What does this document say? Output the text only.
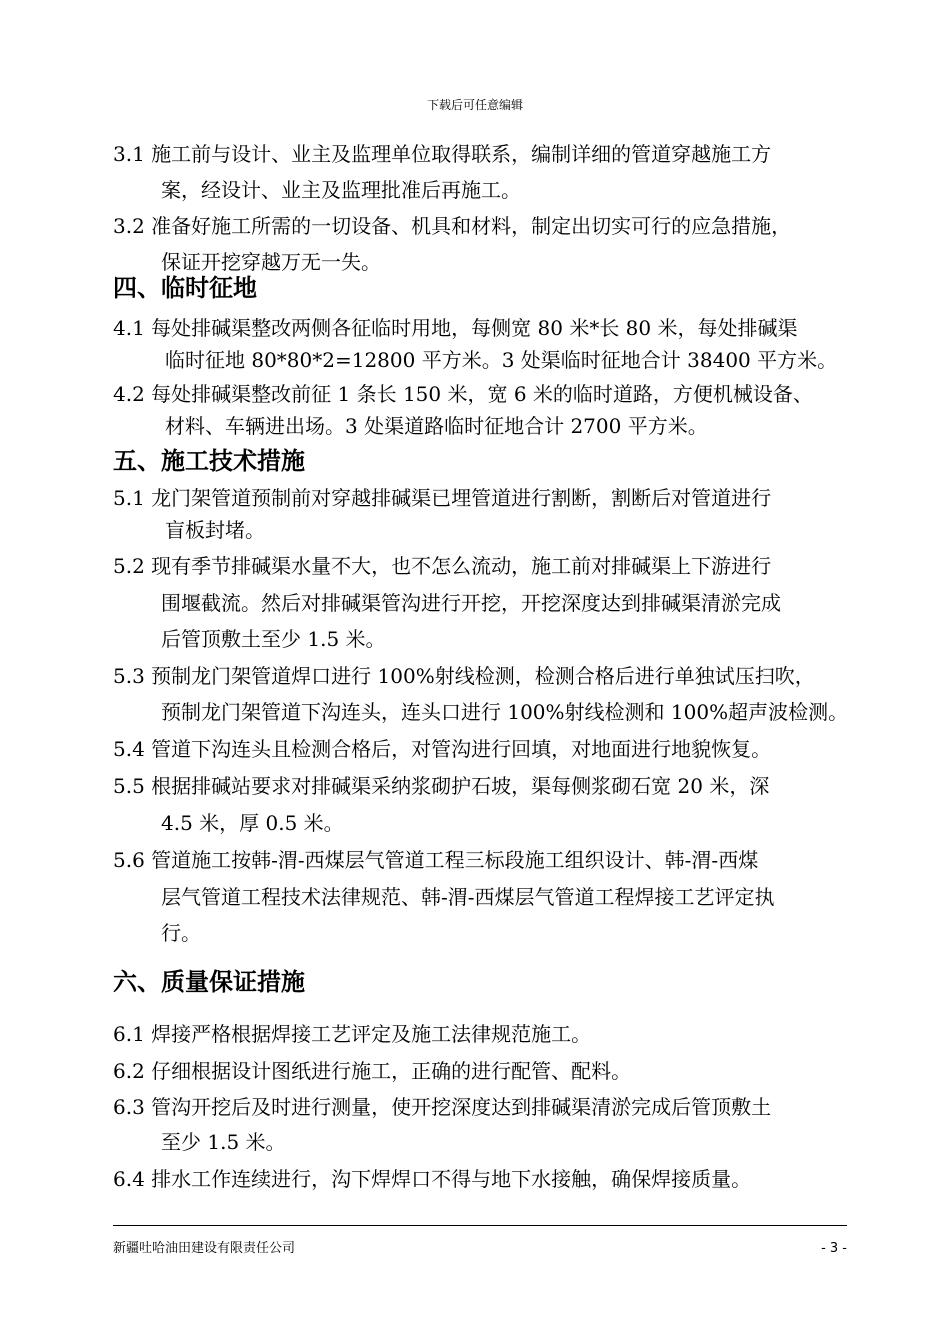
下载后可任意编辑
3.1 施工前与设计、业主及监理单位取得联系，编制详细的管道穿越施工方
案，经设计、业主及监理批准后再施工。
3.2 准备好施工所需的一切设备、机具和材料，制定出切实可行的应急措施，
保证开挖穿越万无一失。
四、临时征地
4.1 每处排碱渠整改两侧各征临时用地，每侧宽 80 米*长 80 米，每处排碱渠
临时征地 80*80*2=12800 平方米。3 处渠临时征地合计 38400 平方米。
4.2 每处排碱渠整改前征 1 条长 150 米，宽 6 米的临时道路，方便机械设备、
材料、车辆进出场。3 处渠道路临时征地合计 2700 平方米。
五、施工技术措施
5.1 龙门架管道预制前对穿越排碱渠已埋管道进行割断，割断后对管道进行
盲板封堵。
5.2 现有季节排碱渠水量不大，也不怎么流动，施工前对排碱渠上下游进行
围堰截流。然后对排碱渠管沟进行开挖，开挖深度达到排碱渠清淤完成
后管顶敷土至少 1.5 米。
5.3 预制龙门架管道焊口进行 100%射线检测，检测合格后进行单独试压扫吹，
预制龙门架管道下沟连头，连头口进行 100%射线检测和 100%超声波检测。
5.4 管道下沟连头且检测合格后，对管沟进行回填，对地面进行地貌恢复。
5.5 根据排碱站要求对排碱渠采纳浆砌护石坡，渠每侧浆砌石宽 20 米，深
4.5 米，厚 0.5 米。
5.6 管道施工按韩-渭-西煤层气管道工程三标段施工组织设计、韩-渭-西煤
层气管道工程技术法律规范、韩-渭-西煤层气管道工程焊接工艺评定执
行。
六、质量保证措施
6.1 焊接严格根据焊接工艺评定及施工法律规范施工。
6.2 仔细根据设计图纸进行施工，正确的进行配管、配料。
6.3 管沟开挖后及时进行测量，使开挖深度达到排碱渠清淤完成后管顶敷土
至少 1.5 米。
6.4 排水工作连续进行，沟下焊焊口不得与地下水接触，确保焊接质量。
新疆吐哈油田建设有限责任公司	- 3 -
